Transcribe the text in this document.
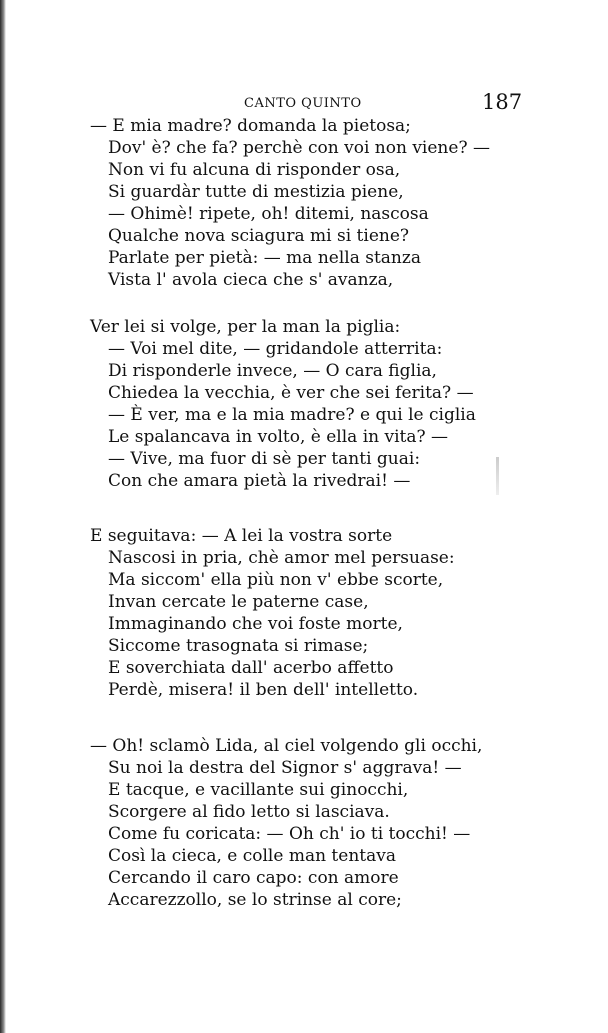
CANTO QUINTO	187
— E mia madre? domanda la pietosa;
Dov' è? che fa? perchè con voi non viene? —
Non vi fu alcuna di risponder osa,
Si guardàr tutte di mestizia piene,
— Ohimè! ripete, oh! ditemi, nascosa
Qualche nova sciagura mi si tiene?
Parlate per pietà: — ma nella stanza
Vista l' avola cieca che s' avanza,
Ver lei si volge, per la man la piglia:
— Voi mel dite, — gridandole atterrita:
Di risponderle invece, — O cara figlia,
Chiedea la vecchia, è ver che sei ferita? —
— È ver, ma e la mia madre? e qui le ciglia
Le spalancava in volto, è ella in vita? —
— Vive, ma fuor di sè per tanti guai:
Con che amara pietà la rivedrai! —
E seguitava: — A lei la vostra sorte
Nascosi in pria, chè amor mel persuase:
Ma siccom' ella più non v' ebbe scorte,
Invan cercate le paterne case,
Immaginando che voi foste morte,
Siccome trasognata si rimase;
E soverchiata dall' acerbo affetto
Perdè, misera! il ben dell' intelletto.
— Oh! sclamò Lida, al ciel volgendo gli occhi,
Su noi la destra del Signor s' aggrava! —
E tacque, e vacillante sui ginocchi,
Scorgere al fido letto si lasciava.
Come fu coricata: — Oh ch' io ti tocchi! —
Così la cieca, e colle man tentava
Cercando il caro capo: con amore
Accarezzollo, se lo strinse al core;
